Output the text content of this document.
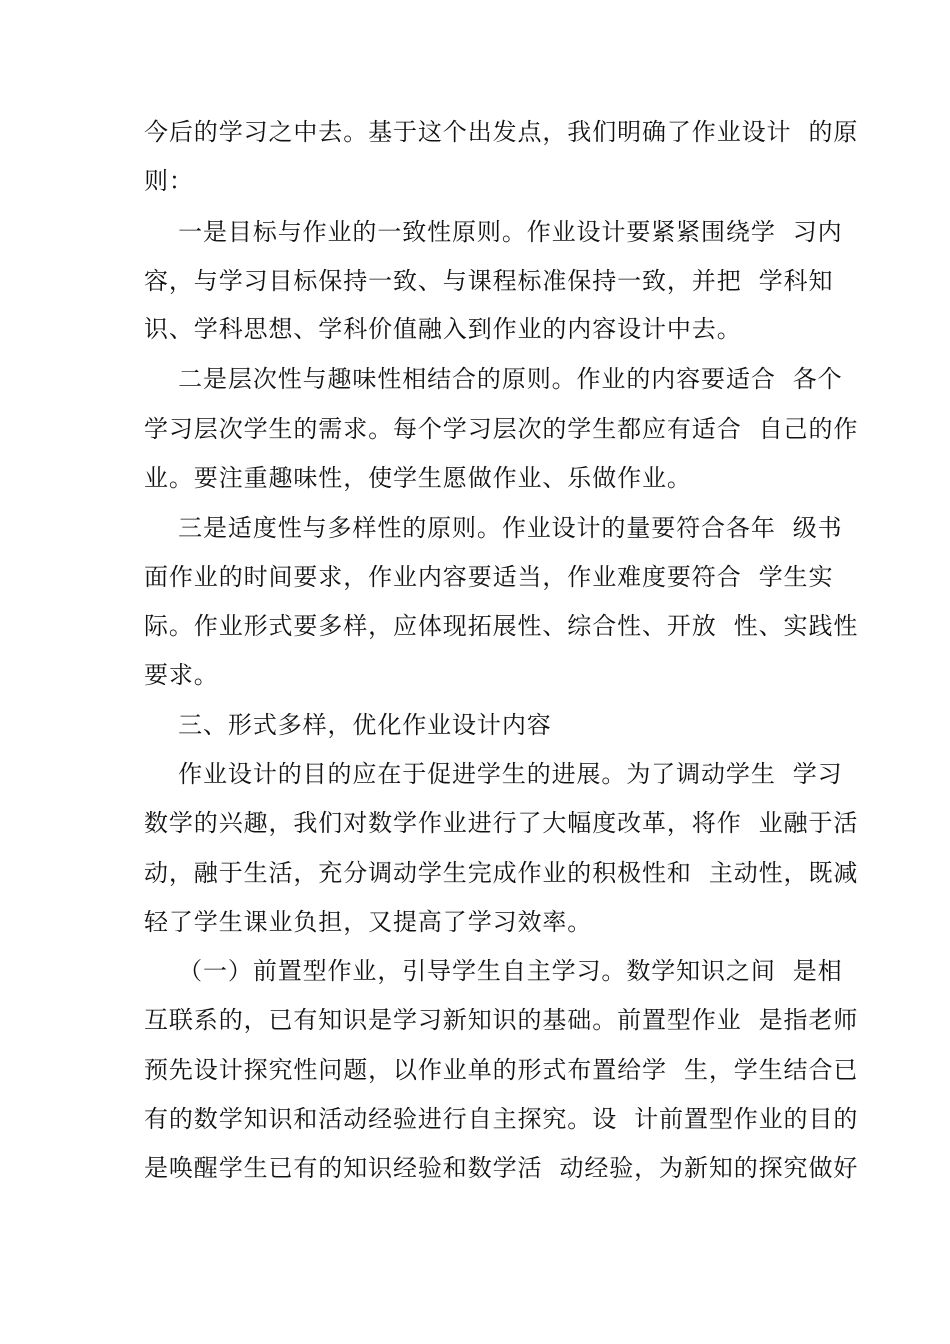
今后的学习之中去。基于这个出发点，我们明确了作业设计  的原
则：
一是目标与作业的一致性原则。作业设计要紧紧围绕学  习内
容，与学习目标保持一致、与课程标准保持一致，并把  学科知
识、学科思想、学科价值融入到作业的内容设计中去。
二是层次性与趣味性相结合的原则。作业的内容要适合  各个
学习层次学生的需求。每个学习层次的学生都应有适合  自己的作
业。要注重趣味性，使学生愿做作业、乐做作业。
三是适度性与多样性的原则。作业设计的量要符合各年  级书
面作业的时间要求，作业内容要适当，作业难度要符合  学生实
际。作业形式要多样，应体现拓展性、综合性、开放  性、实践性
要求。
三、形式多样，优化作业设计内容
作业设计的目的应在于促进学生的进展。为了调动学生  学习
数学的兴趣，我们对数学作业进行了大幅度改革，将作  业融于活
动，融于生活，充分调动学生完成作业的积极性和  主动性，既减
轻了学生课业负担，又提高了学习效率。
（一）前置型作业，引导学生自主学习。数学知识之间  是相
互联系的，已有知识是学习新知识的基础。前置型作业  是指老师
预先设计探究性问题，以作业单的形式布置给学  生，学生结合已
有的数学知识和活动经验进行自主探究。设  计前置型作业的目的
是唤醒学生已有的知识经验和数学活  动经验，为新知的探究做好
